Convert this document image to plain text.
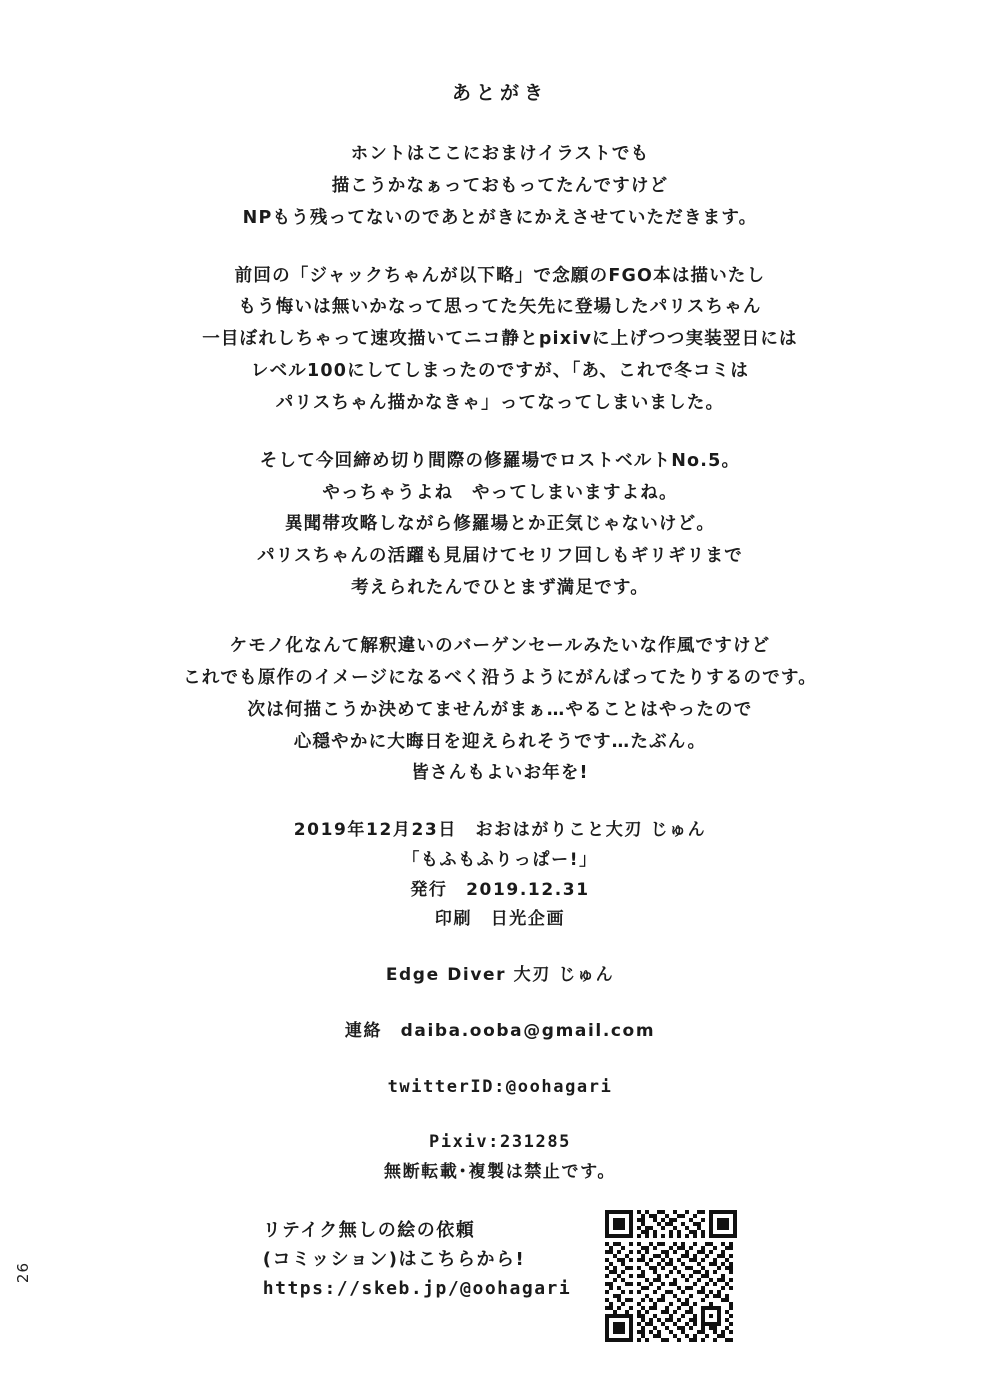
26
あとがき
ホントはここにおまけイラストでも
描こうかなぁっておもってたんですけど
NPもう残ってないのであとがきにかえさせていただきます。
前回の「ジャックちゃんが以下略」で念願のFGO本は描いたし
もう悔いは無いかなって思ってた矢先に登場したパリスちゃん
一目ぼれしちゃって速攻描いてニコ静とpixivに上げつつ実装翌日には
レベル100にしてしまったのですが、「あ、これで冬コミは
パリスちゃん描かなきゃ」ってなってしまいました。
そして今回締め切り間際の修羅場でロストベルトNo.5。
やっちゃうよね　やってしまいますよね。
異聞帯攻略しながら修羅場とか正気じゃないけど。
パリスちゃんの活躍も見届けてセリフ回しもギリギリまで
考えられたんでひとまず満足です。
ケモノ化なんて解釈違いのバーゲンセールみたいな作風ですけど
これでも原作のイメージになるべく沿うようにがんばってたりするのです。
次は何描こうか決めてませんがまぁ…やることはやったので
心穏やかに大晦日を迎えられそうです…たぶん。
皆さんもよいお年を!
2019年12月23日　おおはがりこと大刃 じゅん
「もふもふりっぱー!」
発行　2019.12.31
印刷　日光企画
Edge Diver 大刃 じゅん
連絡　daiba.ooba@gmail.com
twitterID:@oohagari
Pixiv:231285
無断転載･複製は禁止です。
リテイク無しの絵の依頼
(コミッション)はこちらから!
https://skeb.jp/@oohagari
